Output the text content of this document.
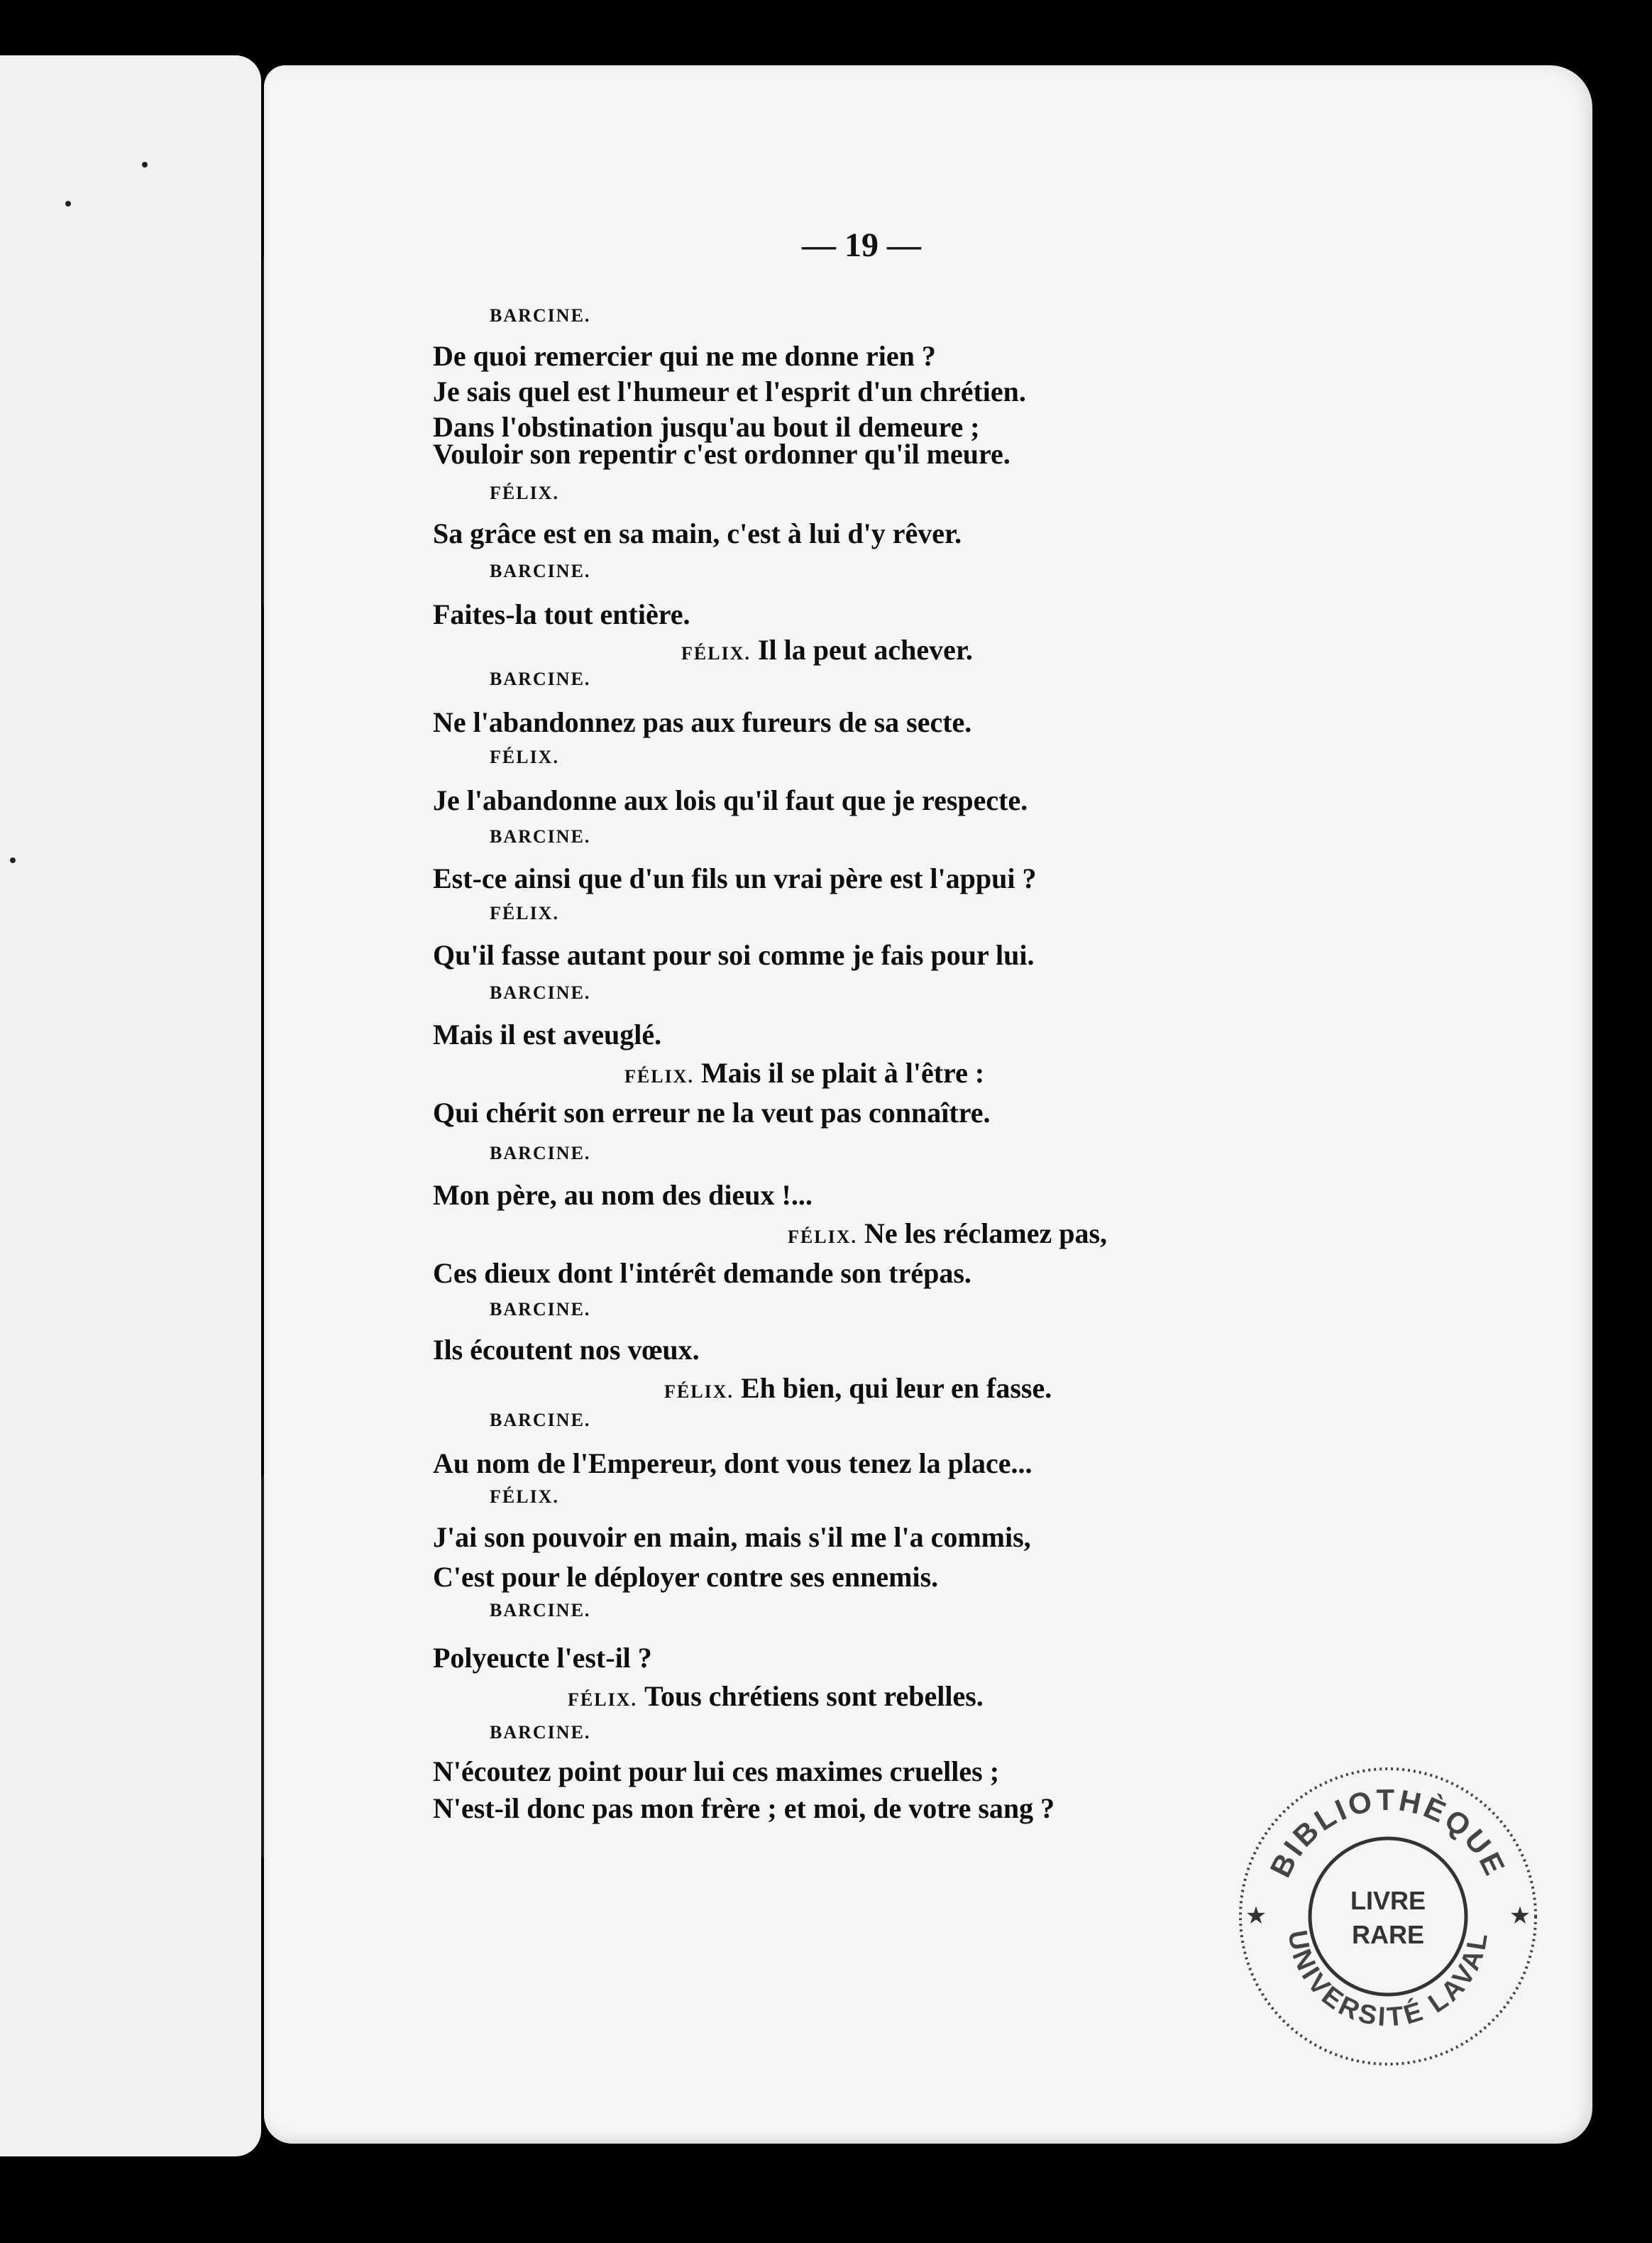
— 19 —
BARCINE.
De quoi remercier qui ne me donne rien ?
Je sais quel est l'humeur et l'esprit d'un chrétien.
Dans l'obstination jusqu'au bout il demeure ;
Vouloir son repentir c'est ordonner qu'il meure.
FÉLIX.
Sa grâce est en sa main, c'est à lui d'y rêver.
BARCINE.
Faites-la tout entière.
FÉLIX. Il la peut achever.
BARCINE.
Ne l'abandonnez pas aux fureurs de sa secte.
FÉLIX.
Je l'abandonne aux lois qu'il faut que je respecte.
BARCINE.
Est-ce ainsi que d'un fils un vrai père est l'appui ?
FÉLIX.
Qu'il fasse autant pour soi comme je fais pour lui.
BARCINE.
Mais il est aveuglé.
FÉLIX. Mais il se plait à l'être :
Qui chérit son erreur ne la veut pas connaître.
BARCINE.
Mon père, au nom des dieux !...
FÉLIX. Ne les réclamez pas,
Ces dieux dont l'intérêt demande son trépas.
BARCINE.
Ils écoutent nos vœux.
FÉLIX. Eh bien, qui leur en fasse.
BARCINE.
Au nom de l'Empereur, dont vous tenez la place...
FÉLIX.
J'ai son pouvoir en main, mais s'il me l'a commis,
C'est pour le déployer contre ses ennemis.
BARCINE.
Polyeucte l'est-il ?
FÉLIX. Tous chrétiens sont rebelles.
BARCINE.
N'écoutez point pour lui ces maximes cruelles ;
N'est-il donc pas mon frère ; et moi, de votre sang ?
BIBLIOTHÈQUE
UNIVERSITÉ LAVAL
LIVRE
RARE
★	★
